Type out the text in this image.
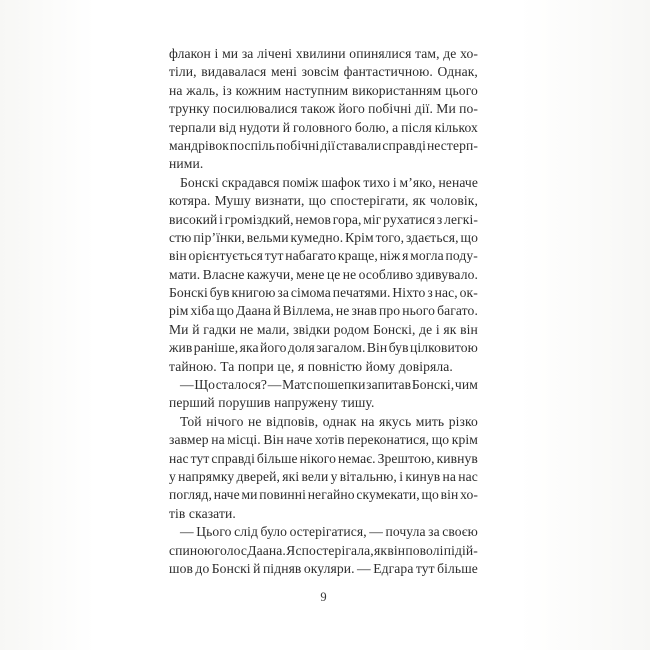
флакон і ми за лічені хвилини опинялися там, де хо-
тіли, видавалася мені зовсім фантастичною. Однак,
на жаль, із кожним наступним використанням цього
трунку посилювалися також його побічні дії. Ми по-
терпали від нудоти й головного болю, а після кількох
мандрівок поспіль побічні дії ставали справді нестерп-
ними.
Бонскі скрадався поміж шафок тихо і м’яко, неначе
котяра. Мушу визнати, що спостерігати, як чоловік,
високий і громіздкий, немов гора, міг рухатися з легкі-
стю пір’їнки, вельми кумедно. Крім того, здається, що
він орієнтується тут набагато краще, ніж я могла поду-
мати. Власне кажучи, мене це не особливо здивувало.
Бонскі був книгою за сімома печатями. Ніхто з нас, ок-
рім хіба що Даана й Віллема, не знав про нього багато.
Ми й гадки не мали, звідки родом Бонскі, де і як він
жив раніше, яка його доля загалом. Він був цілковитою
тайною. Та попри це, я повністю йому довіряла.
— Що сталося? — Матс пошепки запитав Бонскі, чим
перший порушив напружену тишу.
Той нічого не відповів, однак на якусь мить різко
завмер на місці. Він наче хотів переконатися, що крім
нас тут справді більше нікого немає. Зрештою, кивнув
у напрямку дверей, які вели у вітальню, і кинув на нас
погляд, наче ми повинні негайно скумекати, що він хо-
тів сказати.
— Цього слід було остерігатися, — почула за своєю
спиною голос Даана. Я спостерігала, як він поволі підій-
шов до Бонскі й підняв окуляри. — Едгара тут більше
9
